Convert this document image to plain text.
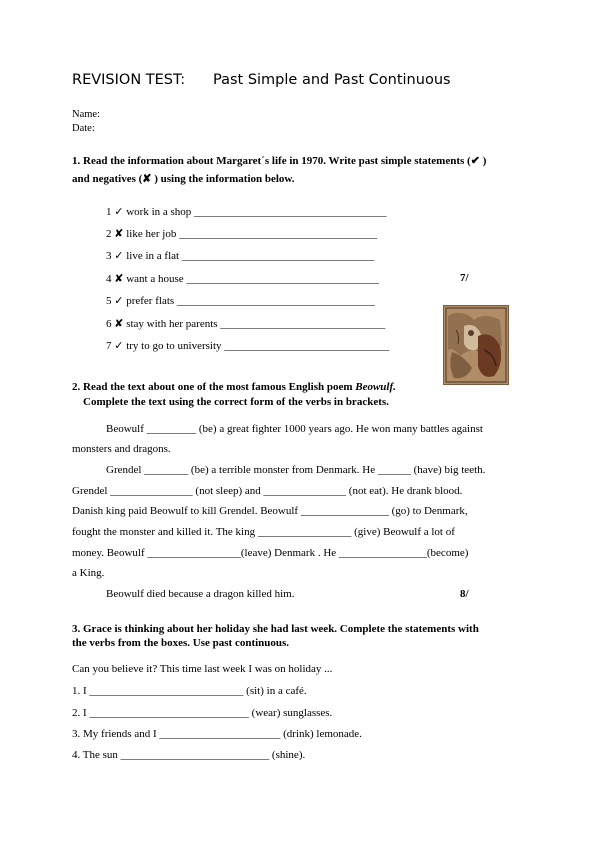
REVISION TEST: Past Simple and Past Continuous
Name:
Date:
1. Read the information about Margaret´s life in 1970. Write past simple statements (✔ )
and negatives (✘ ) using the information below.
1 ✓ work in a shop ___________________________________
2 ✘ like her job ____________________________________
3 ✓ live in a flat ___________________________________
4 ✘ want a house ___________________________________
5 ✓ prefer flats ____________________________________
6 ✘ stay with her parents ______________________________
7 ✓ try to go to university ______________________________
7/
2. Read the text about one of the most famous English poem Beowulf.
Complete the text using the correct form of the verbs in brackets.
Beowulf _________ (be) a great fighter 1000 years ago. He won many battles against
monsters and dragons.
Grendel ________ (be) a terrible monster from Denmark. He ______ (have) big teeth.
Grendel _______________ (not sleep) and _______________ (not eat). He drank blood.
Danish king paid Beowulf to kill Grendel. Beowulf ________________ (go) to Denmark,
fought the monster and killed it. The king _________________ (give) Beowulf a lot of
money. Beowulf _________________(leave) Denmark . He ________________(become)
a King.
Beowulf died because a dragon killed him.	8/
3. Grace is thinking about her holiday she had last week. Complete the statements with
the verbs from the boxes. Use past continuous.
Can you believe it? This time last week I was on holiday ...
1. I ____________________________ (sit) in a café.
2. I _____________________________ (wear) sunglasses.
3. My friends and I ______________________ (drink) lemonade.
4. The sun ___________________________ (shine).
